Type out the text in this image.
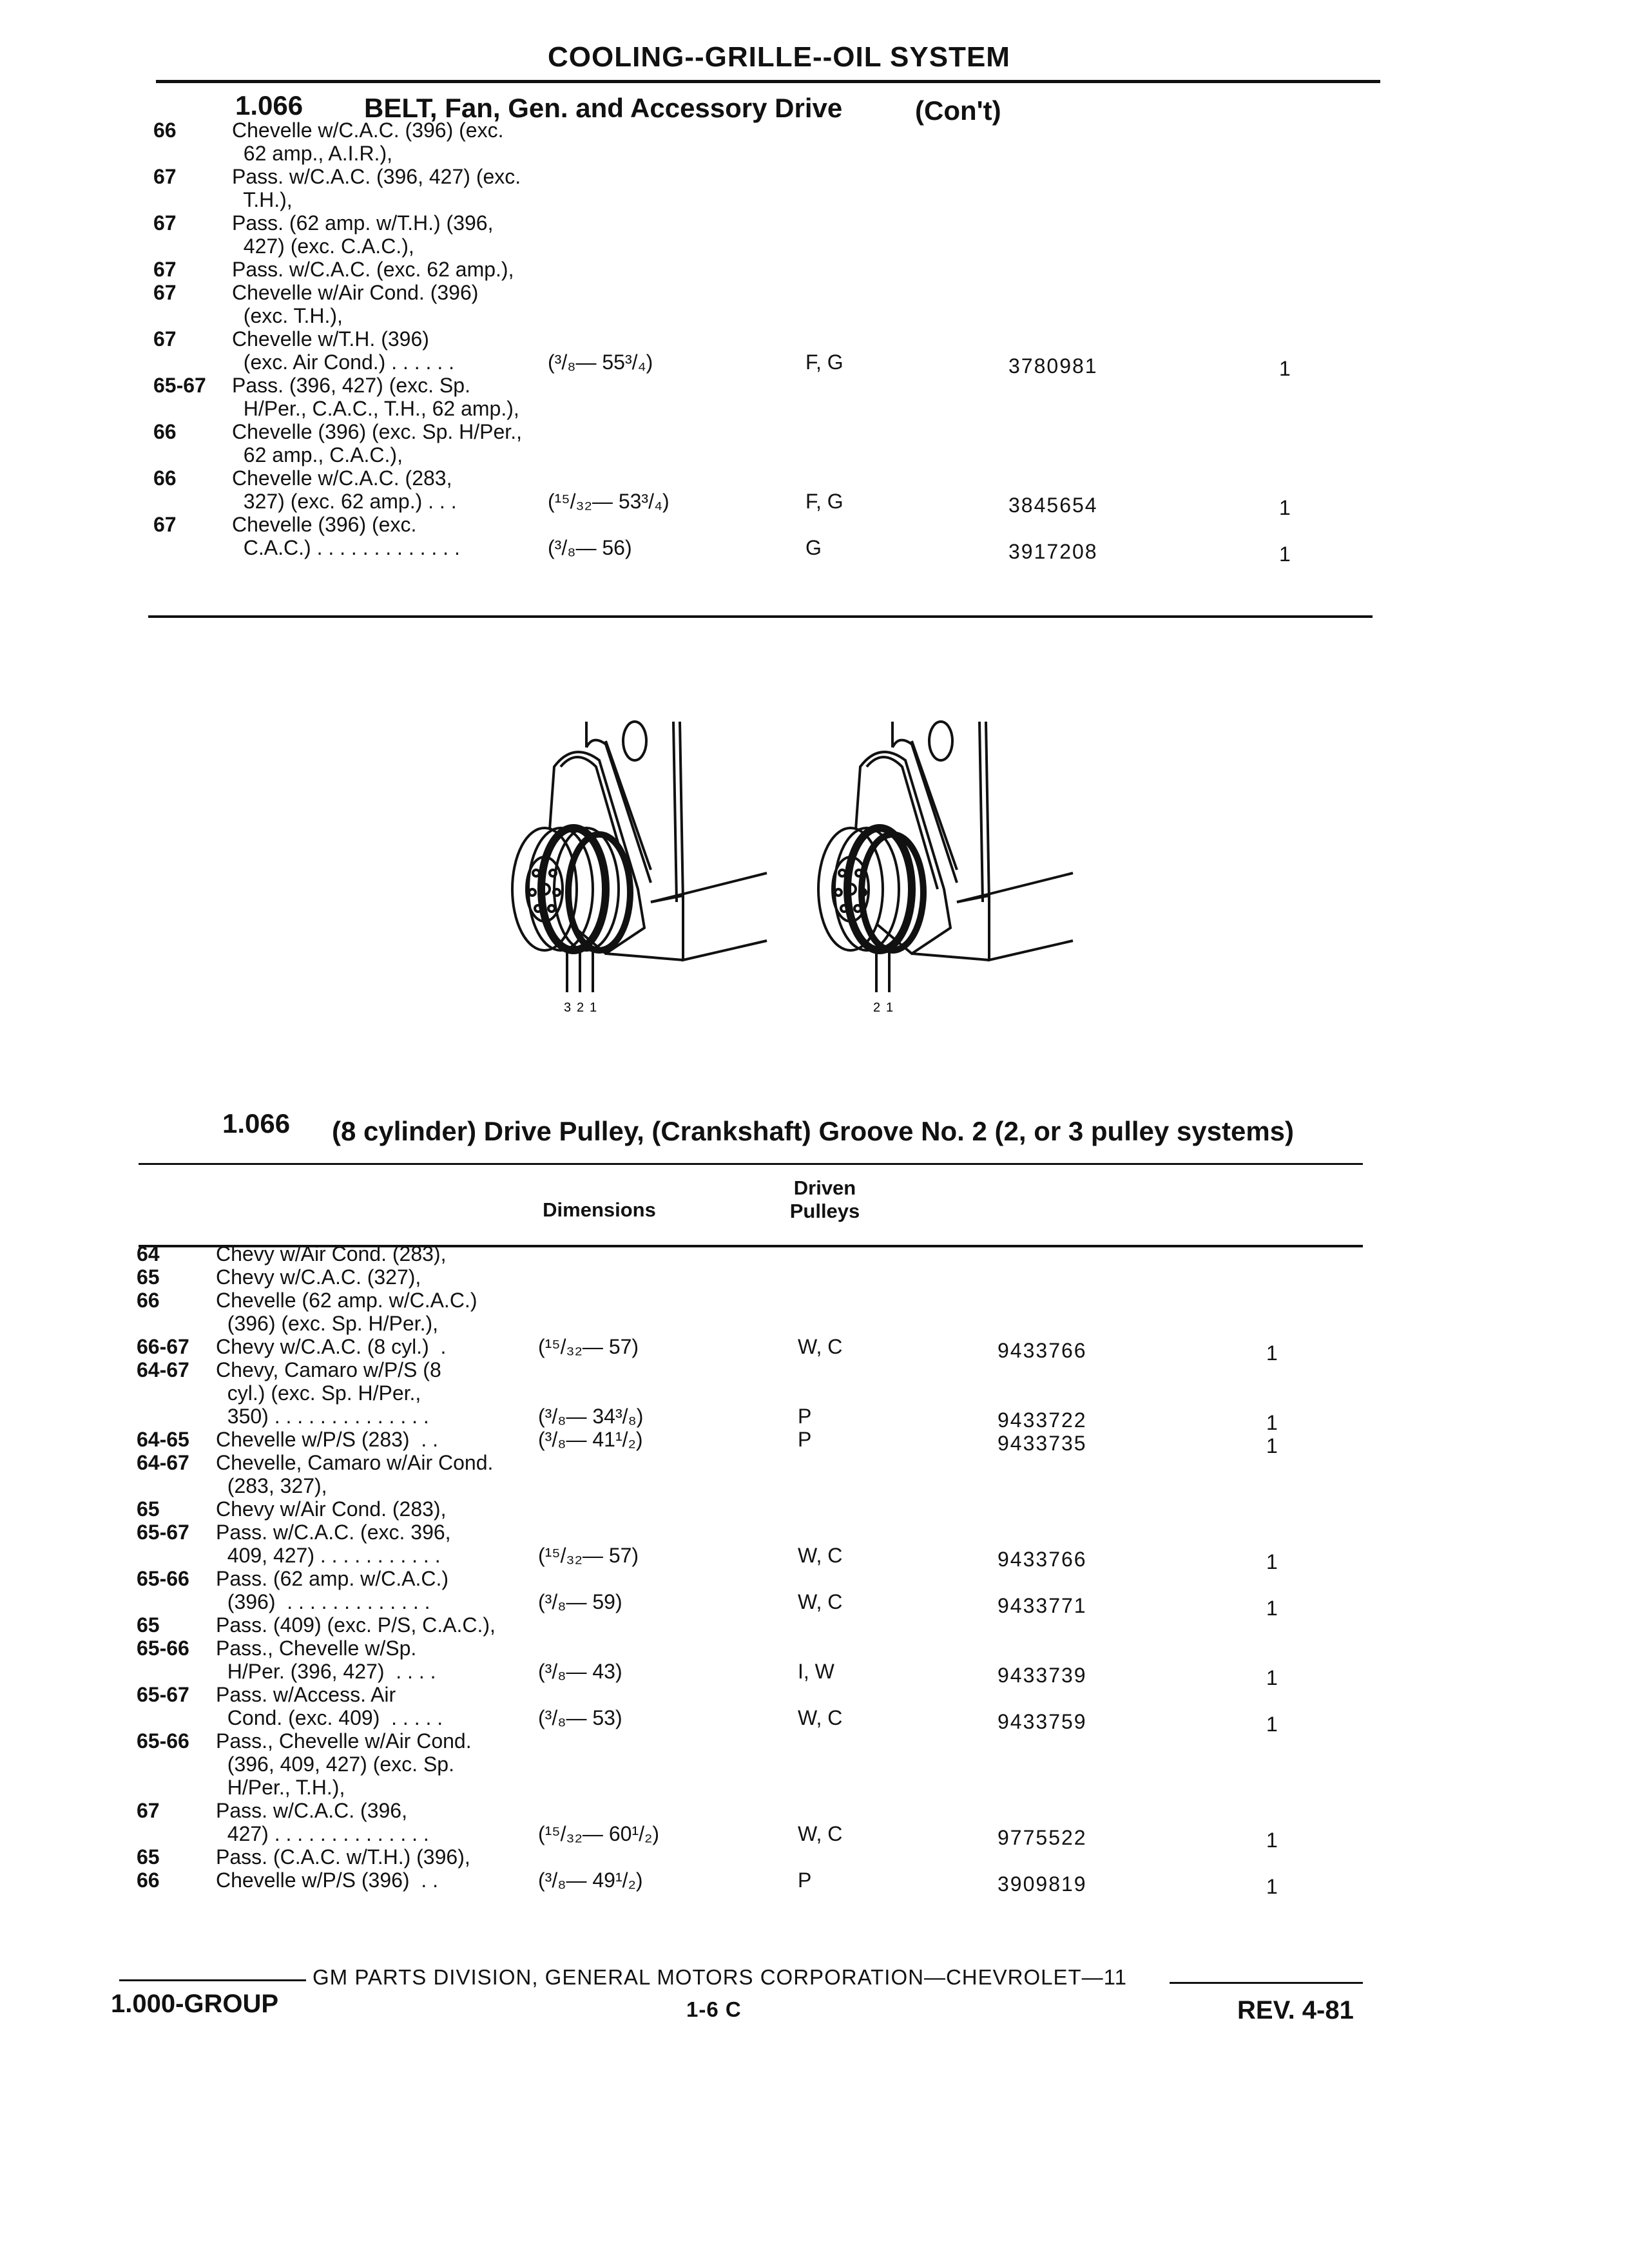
COOLING--GRILLE--OIL SYSTEM
1.066 BELT, Fan, Gen. and Accessory Drive	(Con't)
66	Chevelle w/C.A.C. (396) (exc.
62 amp., A.I.R.),
67	Pass. w/C.A.C. (396, 427) (exc.
T.H.),
67	Pass. (62 amp. w/T.H.) (396,
427) (exc. C.A.C.),
67	Pass. w/C.A.C. (exc. 62 amp.),
67	Chevelle w/Air Cond. (396)
(exc. T.H.),
67	Chevelle w/T.H. (396)
(exc. Air Cond.) . . . . . .	(³/₈— 55³/₄)	F, G	3780981	1
65-67 Pass. (396, 427) (exc. Sp.
H/Per., C.A.C., T.H., 62 amp.),
66	Chevelle (396) (exc. Sp. H/Per.,
62 amp., C.A.C.),
66	Chevelle w/C.A.C. (283,
327) (exc. 62 amp.) . . .	(¹⁵/₃₂— 53³/₄)	F, G	3845654	1
67	Chevelle (396) (exc.
C.A.C.) . . . . . . . . . . . . .	(³/₈— 56)	G	3917208	1
3 2 1	2 1
1.066 (8 cylinder) Drive Pulley, (Crankshaft) Groove No. 2 (2, or 3 pulley systems)
Dimensions
Driven
Pulleys
64	Chevy w/Air Cond. (283),
65	Chevy w/C.A.C. (327),
66	Chevelle (62 amp. w/C.A.C.)
(396) (exc. Sp. H/Per.),
66-67 Chevy w/C.A.C. (8 cyl.)  .	(¹⁵/₃₂— 57)	W, C	9433766	1
64-67 Chevy, Camaro w/P/S (8
cyl.) (exc. Sp. H/Per.,
350) . . . . . . . . . . . . . .	(³/₈— 34³/₈)	P	9433722	1
64-65 Chevelle w/P/S (283)  . .	(³/₈— 41¹/₂)	P	9433735	1
64-67 Chevelle, Camaro w/Air Cond.
(283, 327),
65	Chevy w/Air Cond. (283),
65-67 Pass. w/C.A.C. (exc. 396,
409, 427) . . . . . . . . . . .	(¹⁵/₃₂— 57)	W, C	9433766	1
65-66 Pass. (62 amp. w/C.A.C.)
(396)  . . . . . . . . . . . . .	(³/₈— 59)	W, C	9433771	1
65	Pass. (409) (exc. P/S, C.A.C.),
65-66 Pass., Chevelle w/Sp.
H/Per. (396, 427)  . . . .	(³/₈— 43)	I, W	9433739	1
65-67 Pass. w/Access. Air
Cond. (exc. 409)  . . . . .	(³/₈— 53)	W, C	9433759	1
65-66 Pass., Chevelle w/Air Cond.
(396, 409, 427) (exc. Sp.
H/Per., T.H.),
67	Pass. w/C.A.C. (396,
427) . . . . . . . . . . . . . .	(¹⁵/₃₂— 60¹/₂)	W, C	9775522	1
65	Pass. (C.A.C. w/T.H.) (396),
66	Chevelle w/P/S (396)  . .	(³/₈— 49¹/₂)	P	3909819	1
GM PARTS DIVISION, GENERAL MOTORS CORPORATION—CHEVROLET—11
1.000-GROUP	1-6 C	REV. 4-81
